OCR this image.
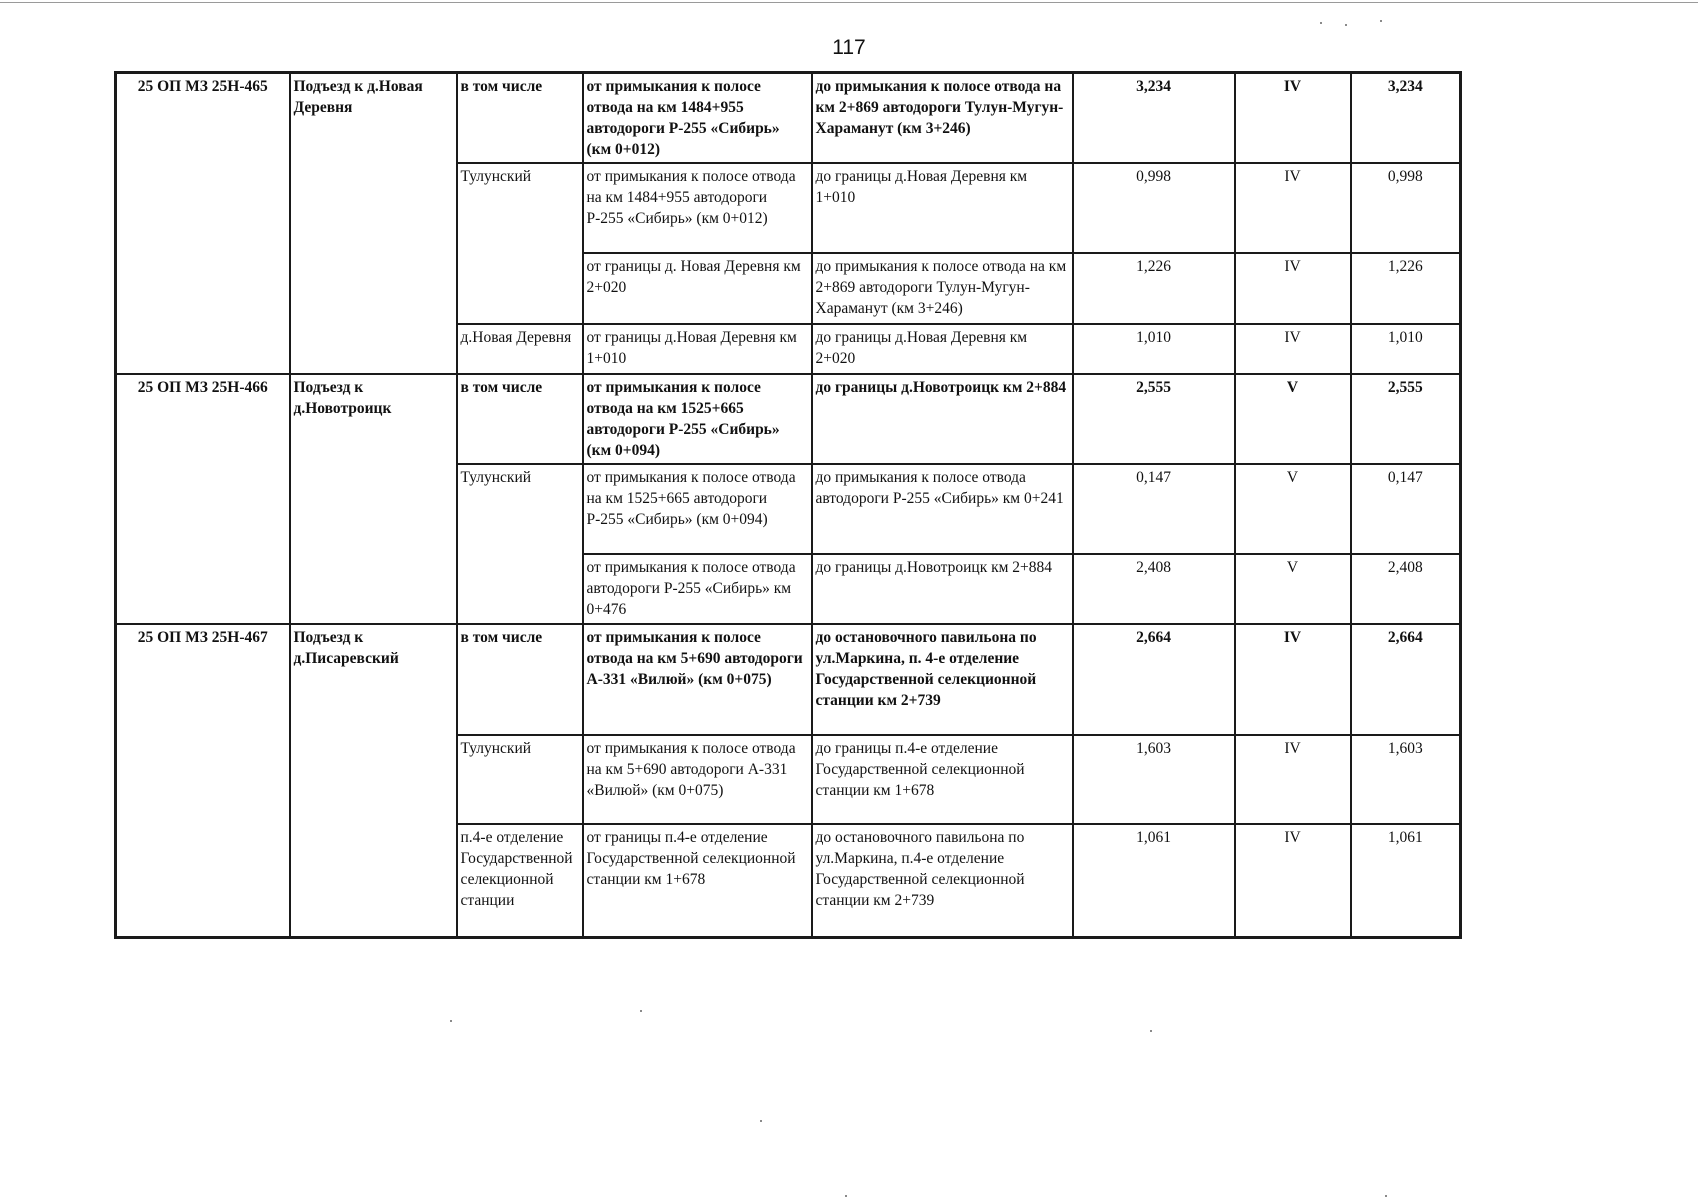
117
25 ОП МЗ 25Н-465	Подъезд к д.Новая Деревня	в том числе	от примыкания к полосе отвода на км 1484+955 автодороги Р-255 «Сибирь» (км 0+012)	до примыкания к полосе отвода на км 2+869 автодороги Тулун-Мугун-Хараманут (км 3+246)	3,234	IV	3,234
		Тулунский	от примыкания к полосе отвода на км 1484+955 автодороги Р-255 «Сибирь» (км 0+012)	до границы д.Новая Деревня км 1+010	0,998	IV	0,998
			от границы д. Новая Деревня км 2+020	до примыкания к полосе отвода на км 2+869 автодороги Тулун-Мугун-Хараманут (км 3+246)	1,226	IV	1,226
		д.Новая Деревня	от границы д.Новая Деревня км 1+010	до границы д.Новая Деревня км 2+020	1,010	IV	1,010
25 ОП МЗ 25Н-466	Подъезд к д.Новотроицк	в том числе	от примыкания к полосе отвода на км 1525+665 автодороги Р-255 «Сибирь» (км 0+094)	до границы д.Новотроицк км 2+884	2,555	V	2,555
		Тулунский	от примыкания к полосе отвода на км 1525+665 автодороги Р-255 «Сибирь» (км 0+094)	до примыкания к полосе отвода автодороги Р-255 «Сибирь» км 0+241	0,147	V	0,147
			от примыкания к полосе отвода автодороги Р-255 «Сибирь» км 0+476	до границы д.Новотроицк км 2+884	2,408	V	2,408
25 ОП МЗ 25Н-467	Подъезд к д.Писаревский	в том числе	от примыкания к полосе отвода на км 5+690 автодороги А-331 «Вилюй» (км 0+075)	до остановочного павильона по ул.Маркина, п. 4-е отделение Государственной селекционной станции км 2+739	2,664	IV	2,664
		Тулунский	от примыкания к полосе отвода на км 5+690 автодороги А-331 «Вилюй» (км 0+075)	до границы п.4-е отделение Государственной селекционной станции км 1+678	1,603	IV	1,603
		п.4-е отделение Государственной селекционной станции	от границы п.4-е отделение Государственной селекционной станции км 1+678	до остановочного павильона по ул.Маркина, п.4-е отделение Государственной селекционной станции км 2+739	1,061	IV	1,061
